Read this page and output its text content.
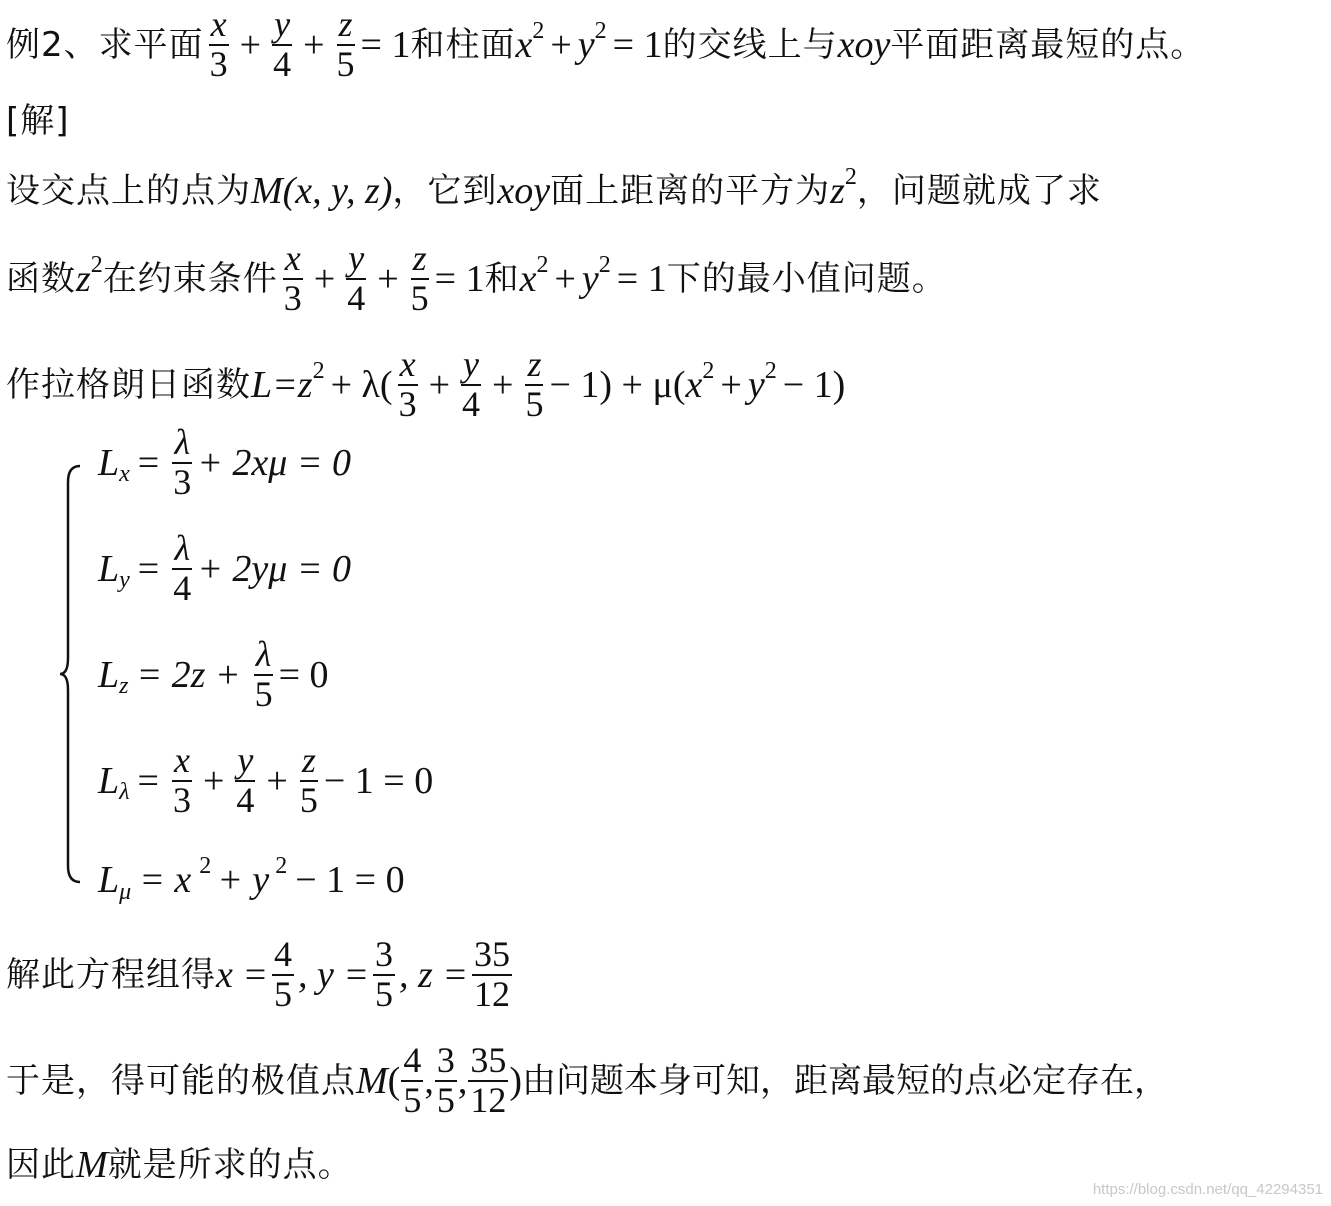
例2、求平面 $\frac{x}{3} + \frac{y}{4} + \frac{z}{5} = 1$ 和柱面 x 2 + y 2 = 1 的交线上与 xoy 平面距离最短的点。
[解]
设交点上的点为 M (x, y, z) ，它到 xoy 面上距离的平方为 z 2 ，问题就成了求
函数 z 2 在约束条件 $\frac{x}{3} + \frac{y}{4} + \frac{z}{5} = 1$ 和 x 2 + y 2 = 1 下的最小值问题。
作拉格朗日函数 L =z $2 + \lambda( \frac{x}{3} + \frac{y}{4} + \frac{z}{5} - 1) + \mu$( x 2 + y 2 − 1)
L $x = \frac{\lambda}{3} + 2x\mu = 0$
L $y = \frac{\lambda}{4} + 2y\mu = 0$
L $z = 2z + \frac{\lambda}{5} = 0$
L $\lambda = \frac{x}{3} + \frac{y}{4} + \frac{z}{5} - 1 = 0$
L μ = x 2 + y 2 − 1 = 0
解此方程组得 $x = \frac{4}{5}$ , $y = \frac{3}{5}$ , $z = \frac{35}{12}$
于是，得可能的极值点 M ( $\frac{4}{5}$ , $\frac{3}{5}$ , $\frac{35}{12}$ ) 由问题本身可知，距离最短的点必定存在，
因此 M 就是所求的点。
https://blog.csdn.net/qq_42294351
